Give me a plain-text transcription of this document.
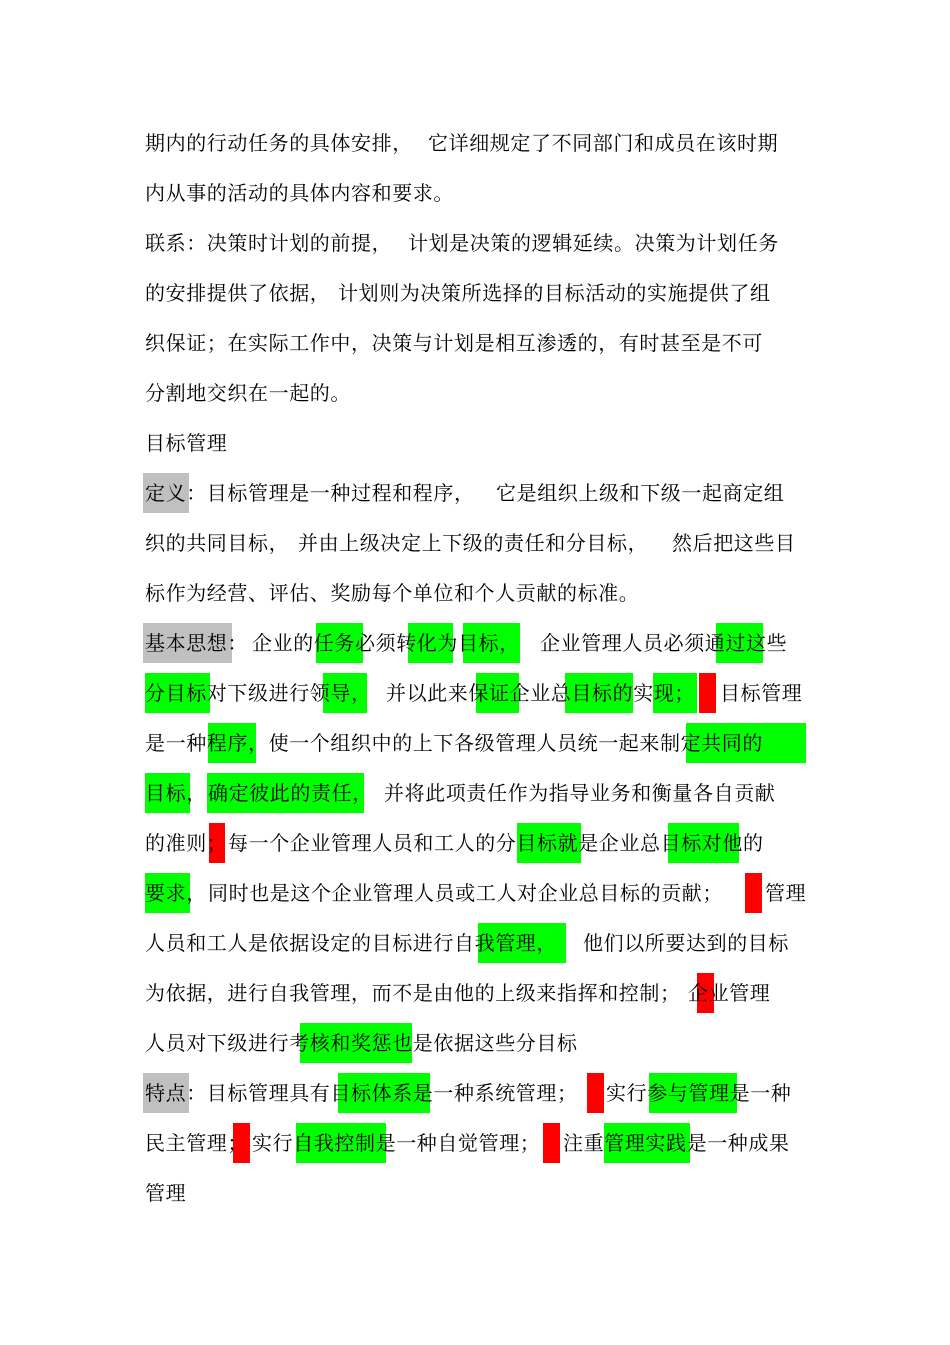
期内的行动任务的具体安排， 它详细规定了不同部门和成员在该时期
内从事的活动的具体内容和要求。
联系：决策时计划的前提， 计划是决策的逻辑延续。决策为计划任务
的安排提供了依据， 计划则为决策所选择的目标活动的实施提供了组
织保证；在实际工作中，决策与计划是相互渗透的，有时甚至是不可
分割地交织在一起的。
目标管理
定义：目标管理是一种过程和程序， 它是组织上级和下级一起商定组
织的共同目标， 并由上级决定上下级的责任和分目标， 然后把这些目
标作为经营、评估、奖励每个单位和个人贡献的标准。
基本思想： 企业的任务必须转化为目标， 企业管理人员必须通过这些
分目标对下级进行领导， 并以此来保证企业总目标的实现； 目标管理
是一种程序，使一个组织中的上下各级管理人员统一起来制定共同的
目标， 确定彼此的责任， 并将此项责任作为指导业务和衡量各自贡献
的准则； 每一个企业管理人员和工人的分目标就是企业总目标对他的
要求， 同时也是这个企业管理人员或工人对企业总目标的贡献； 管理
人员和工人是依据设定的目标进行自我管理， 他们以所要达到的目标
为依据，进行自我管理，而不是由他的上级来指挥和控制； 企业管理
人员对下级进行考核和奖惩也是依据这些分目标
特点：目标管理具有目标体系是一种系统管理； 实行参与管理是一种
民主管理； 实行自我控制是一种自觉管理； 注重管理实践是一种成果
管理
